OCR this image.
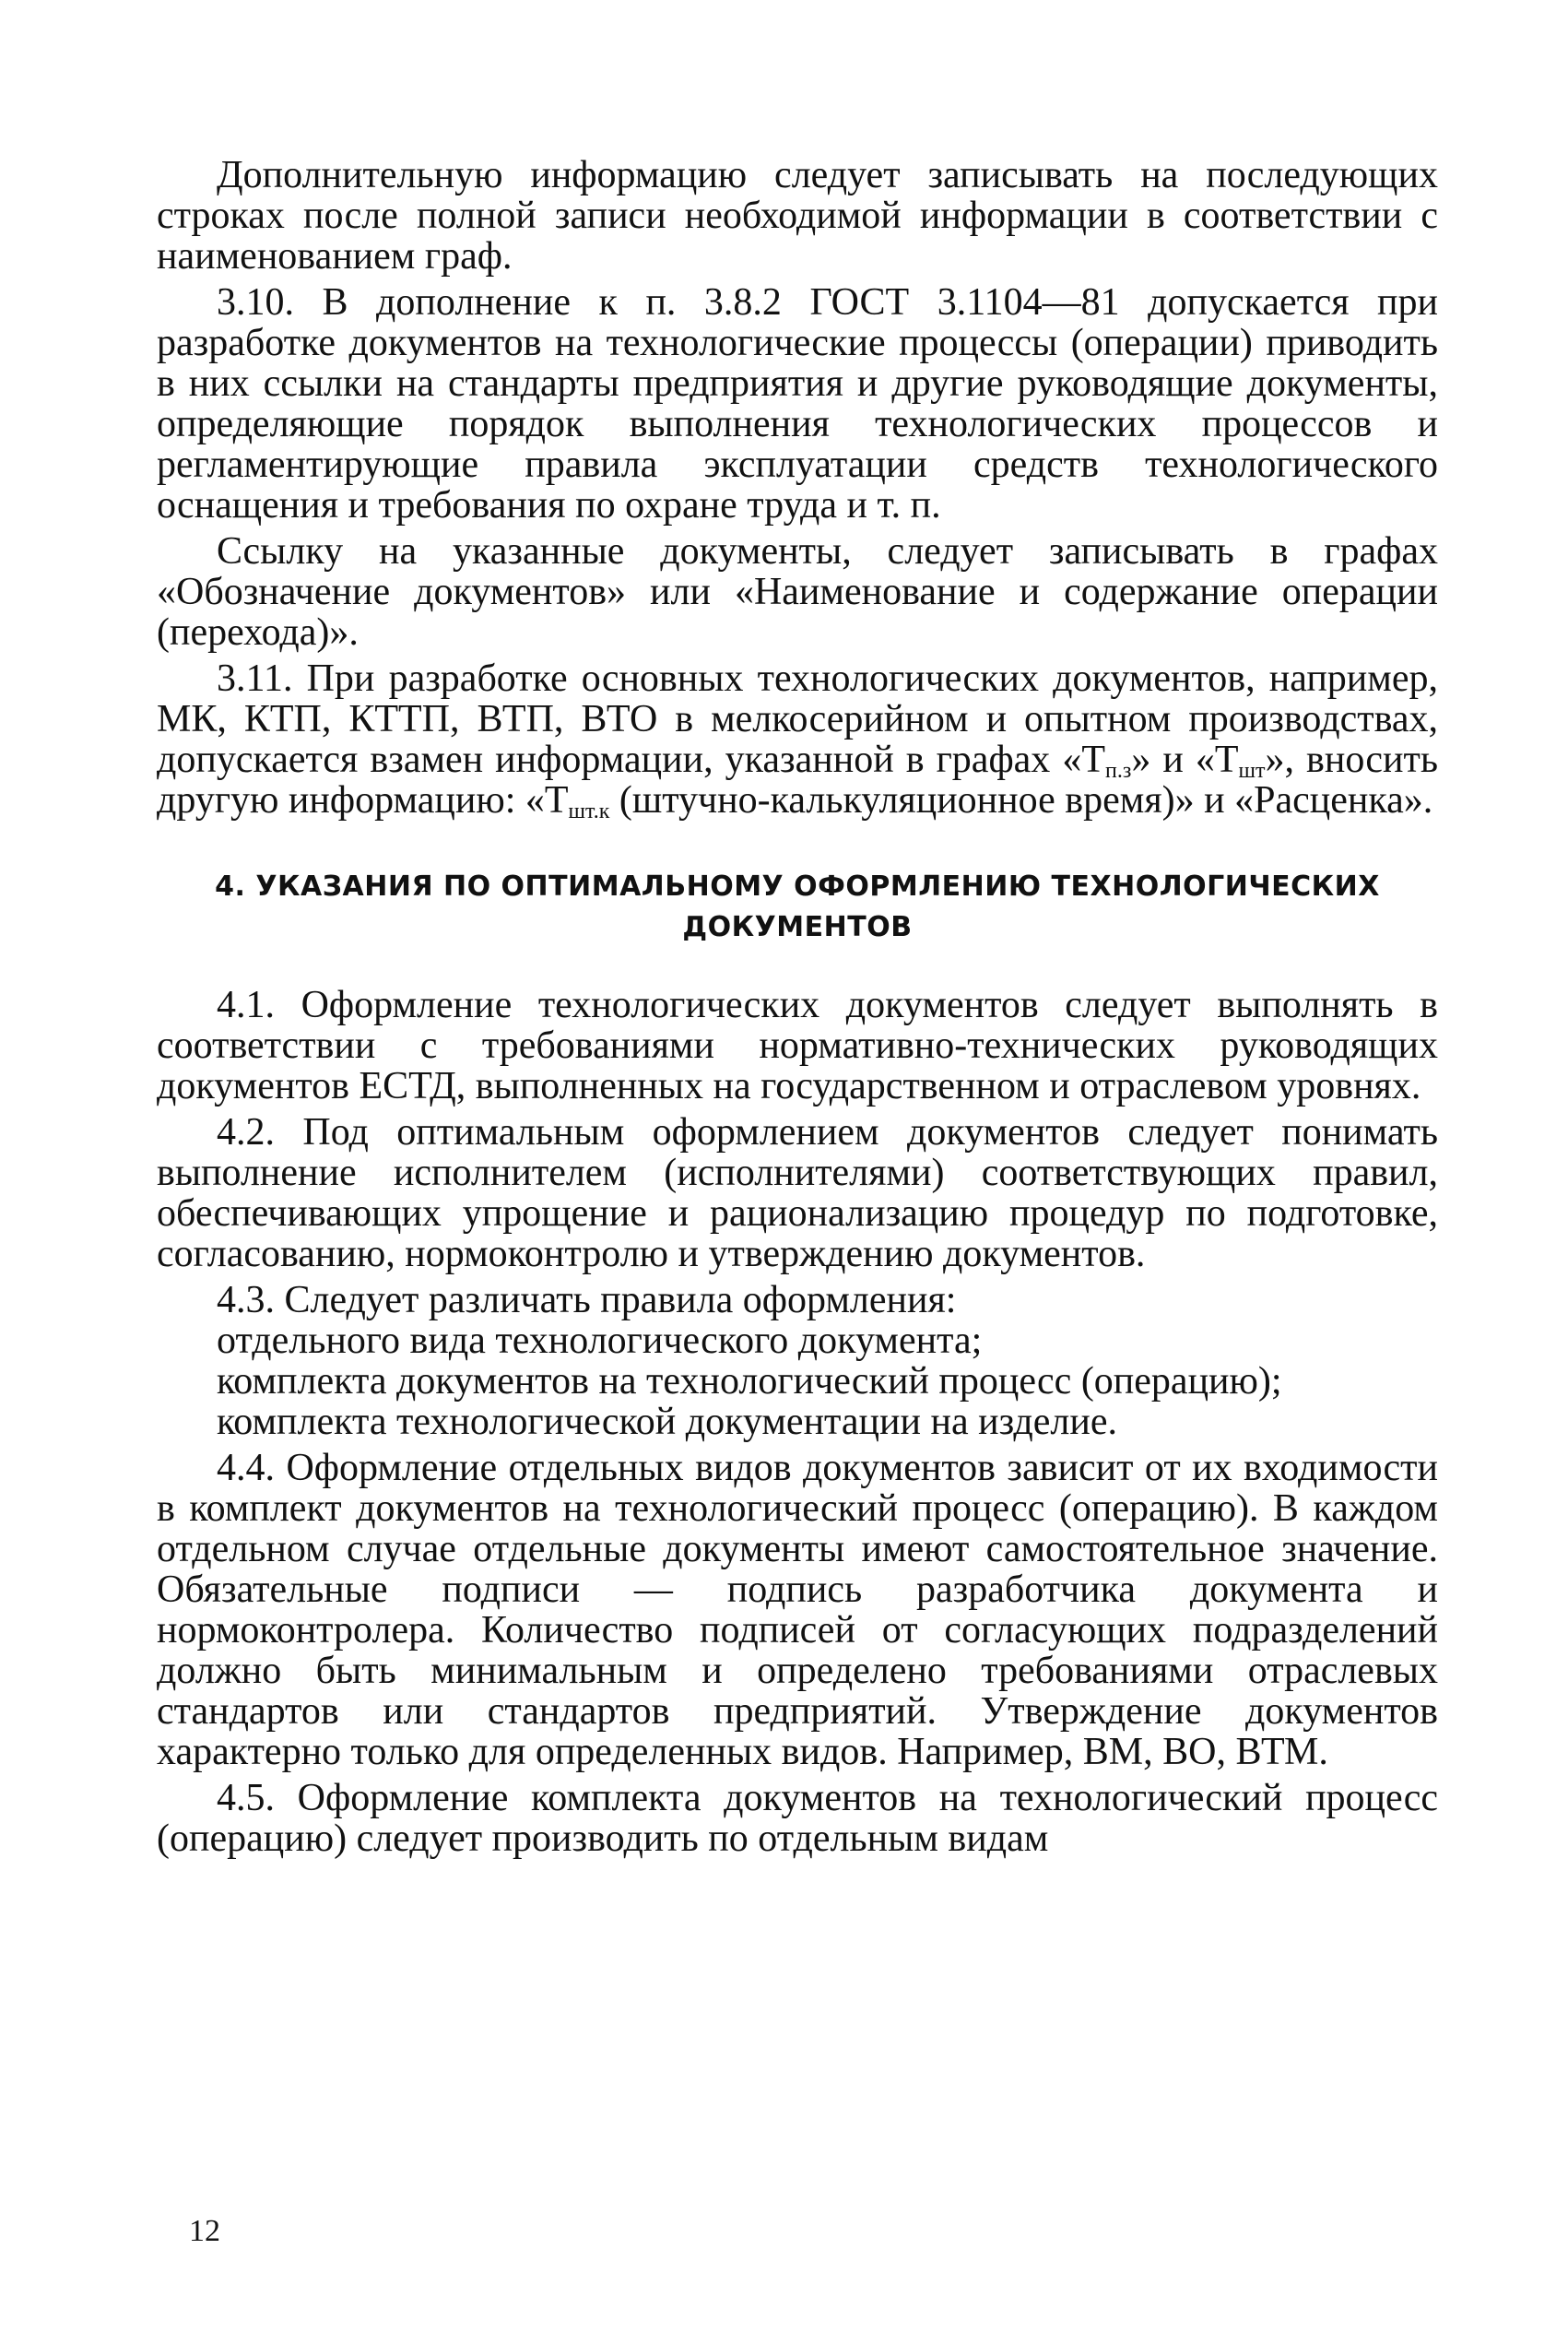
Дополнительную информацию следует записывать на последующих строках после полной записи необходимой информации в соответствии с наименованием граф.

3.10. В дополнение к п. 3.8.2 ГОСТ 3.1104—81 допускается при разработке документов на технологические процессы (операции) приводить в них ссылки на стандарты предприятия и другие руководящие документы, определяющие порядок выполнения технологических процессов и регламентирующие правила эксплуатации средств технологического оснащения и требования по охране труда и т. п.

Ссылку на указанные документы, следует записывать в графах «Обозначение документов» или «Наименование и содержание операции (перехода)».

3.11. При разработке основных технологических документов, например, МК, КТП, КТТП, ВТП, ВТО в мелкосерийном и опытном производствах, допускается взамен информации, указанной в графах «$Т_{п.з}$» и «$Т_{шт}$», вносить другую информацию: «$Т_{шт.к}$ (штучно-калькуляционное время)» и «Расценка».

4. УКАЗАНИЯ ПО ОПТИМАЛЬНОМУ ОФОРМЛЕНИЮ ТЕХНОЛОГИЧЕСКИХ
ДОКУМЕНТОВ

4.1. Оформление технологических документов следует выполнять в соответствии с требованиями нормативно-технических руководящих документов ЕСТД, выполненных на государственном и отраслевом уровнях.

4.2. Под оптимальным оформлением документов следует понимать выполнение исполнителем (исполнителями) соответствующих правил, обеспечивающих упрощение и рационализацию процедур по подготовке, согласованию, нормоконтролю и утверждению документов.

4.3. Следует различать правила оформления:

отдельного вида технологического документа;

комплекта документов на технологический процесс (операцию);

комплекта технологической документации на изделие.

4.4. Оформление отдельных видов документов зависит от их входимости в комплект документов на технологический процесс (операцию). В каждом отдельном случае отдельные документы имеют самостоятельное значение. Обязательные подписи — подпись разработчика документа и нормоконтролера. Количество подписей от согласующих подразделений должно быть минимальным и определено требованиями отраслевых стандартов или стандартов предприятий. Утверждение документов характерно только для определенных видов. Например, ВМ, ВО, ВТМ.

4.5. Оформление комплекта документов на технологический процесс (операцию) следует производить по отдельным видам

12
